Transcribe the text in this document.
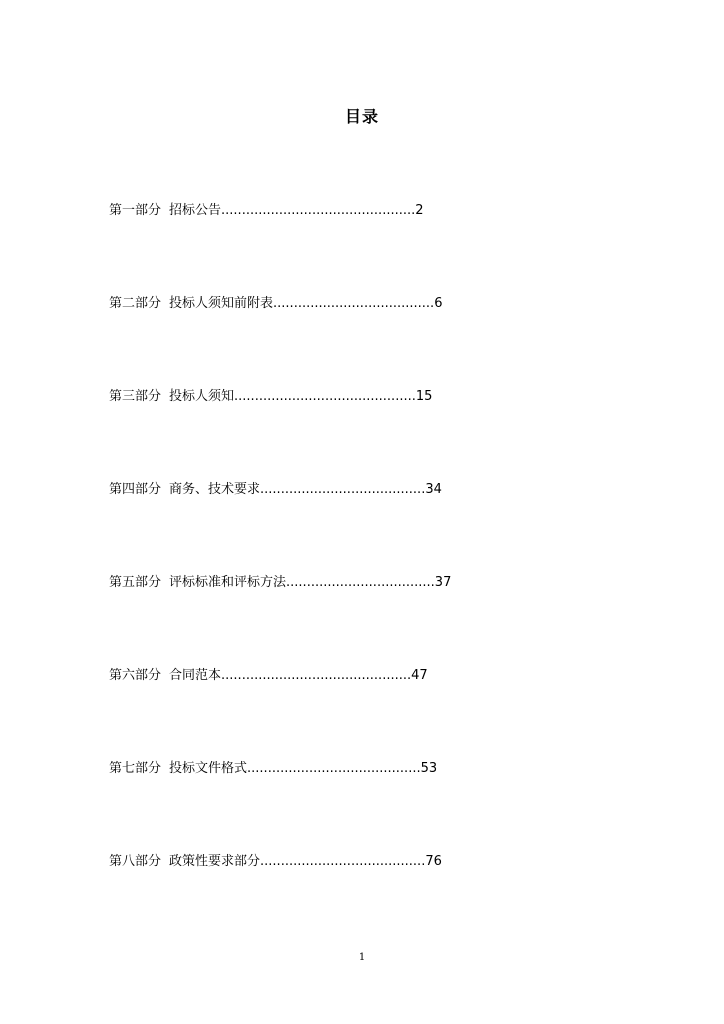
目录
第一部分 招标公告...............................................2
第二部分 投标人须知前附表.......................................6
第三部分 投标人须知............................................15
第四部分 商务、技术要求........................................34
第五部分 评标标准和评标方法....................................37
第六部分 合同范本..............................................47
第七部分 投标文件格式..........................................53
第八部分 政策性要求部分........................................76
1
